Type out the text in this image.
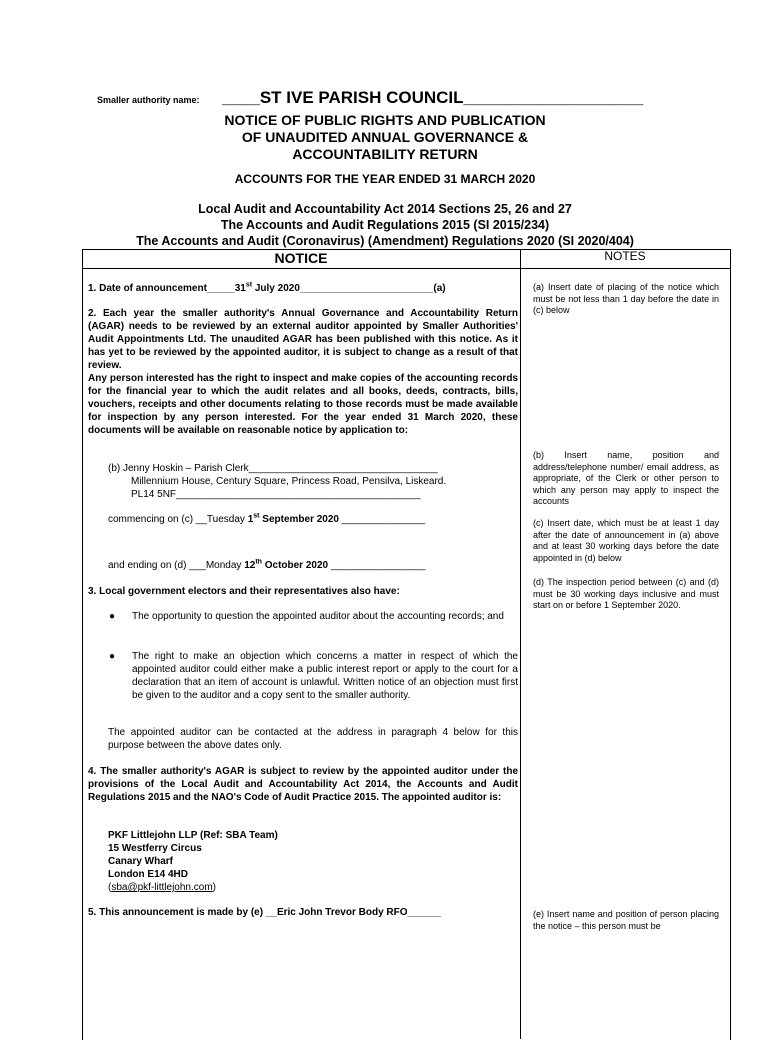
Smaller authority name: ____ST IVE PARISH COUNCIL___________________
NOTICE OF PUBLIC RIGHTS AND PUBLICATION
OF UNAUDITED ANNUAL GOVERNANCE &
ACCOUNTABILITY RETURN
ACCOUNTS FOR THE YEAR ENDED 31 MARCH 2020
Local Audit and Accountability Act 2014 Sections 25, 26 and 27
The Accounts and Audit Regulations 2015 (SI 2015/234)
The Accounts and Audit (Coronavirus) (Amendment) Regulations 2020 (SI 2020/404)
NOTICE	NOTES
1. Date of announcement_____31st July 2020________________________(a)
2. Each year the smaller authority's Annual Governance and Accountability Return (AGAR) needs to be reviewed by an external auditor appointed by Smaller Authorities' Audit Appointments Ltd. The unaudited AGAR has been published with this notice. As it has yet to be reviewed by the appointed auditor, it is subject to change as a result of that review.
Any person interested has the right to inspect and make copies of the accounting records for the financial year to which the audit relates and all books, deeds, contracts, bills, vouchers, receipts and other documents relating to those records must be made available for inspection by any person interested. For the year ended 31 March 2020, these documents will be available on reasonable notice by application to:
(b) Jenny Hoskin – Parish Clerk__________________________________
Millennium House, Century Square, Princess Road, Pensilva, Liskeard.
PL14 5NF____________________________________________
commencing on (c) __Tuesday 1st September 2020 _______________
and ending on (d) ___Monday 12th October 2020 _________________
3. Local government electors and their representatives also have:
●	The opportunity to question the appointed auditor about the accounting records; and
●	The right to make an objection which concerns a matter in respect of which the appointed auditor could either make a public interest report or apply to the court for a declaration that an item of account is unlawful. Written notice of an objection must first be given to the auditor and a copy sent to the smaller authority.
The appointed auditor can be contacted at the address in paragraph 4 below for this purpose between the above dates only.
4. The smaller authority's AGAR is subject to review by the appointed auditor under the provisions of the Local Audit and Accountability Act 2014, the Accounts and Audit Regulations 2015 and the NAO's Code of Audit Practice 2015. The appointed auditor is:
PKF Littlejohn LLP (Ref: SBA Team)
15 Westferry Circus
Canary Wharf
London E14 4HD
(sba@pkf-littlejohn.com)
5. This announcement is made by (e) __Eric John Trevor Body RFO______
(a) Insert date of placing of the notice which must be not less than 1 day before the date in (c) below
(b) Insert name, position and address/telephone number/ email address, as appropriate, of the Clerk or other person to which any person may apply to inspect the accounts
(c) Insert date, which must be at least 1 day after the date of announcement in (a) above and at least 30 working days before the date appointed in (d) below
(d) The inspection period between (c) and (d) must be 30 working days inclusive and must start on or before 1 September 2020.
(e) Insert name and position of person placing the notice – this person must be
